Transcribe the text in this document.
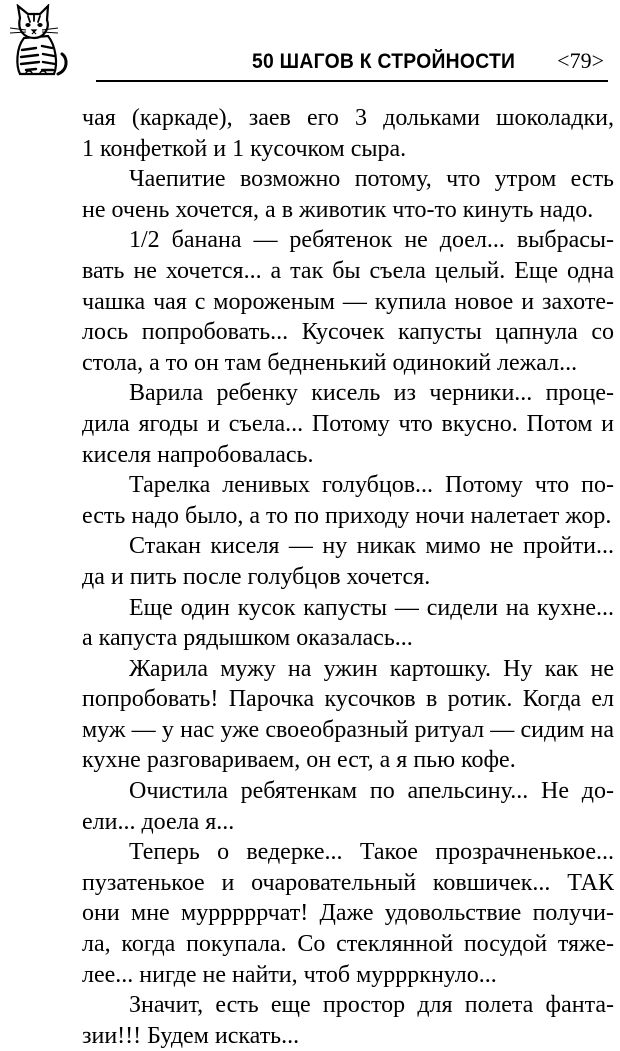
50 ШАГОВ К СТРОЙНОСТИ <79>
чая (каркаде), заев его 3 дольками шоколадки,
1 конфеткой и 1 кусочком сыра.
Чаепитие возможно потому, что утром есть
не очень хочется, а в животик что-то кинуть надо.
1/2 банана — ребятенок не доел... выбрасы-
вать не хочется... а так бы съела целый. Еще одна
чашка чая с мороженым — купила новое и захоте-
лось попробовать... Кусочек капусты цапнула со
стола, а то он там бедненький одинокий лежал...
Варила ребенку кисель из черники... проце-
дила ягоды и съела... Потому что вкусно. Потом и
киселя напробовалась.
Тарелка ленивых голубцов... Потому что по-
есть надо было, а то по приходу ночи налетает жор.
Стакан киселя — ну никак мимо не пройти...
да и пить после голубцов хочется.
Еще один кусок капусты — сидели на кухне...
а капуста рядышком оказалась...
Жарила мужу на ужин картошку. Ну как не
попробовать! Парочка кусочков в ротик. Когда ел
муж — у нас уже своеобразный ритуал — сидим на
кухне разговариваем, он ест, а я пью кофе.
Очистила ребятенкам по апельсину... Не до-
ели... доела я...
Теперь о ведерке... Такое прозрачненькое...
пузатенькое и очаровательный ковшичек... ТАК
они мне мурррррчат! Даже удовольствие получи-
ла, когда покупала. Со стеклянной посудой тяже-
лее... нигде не найти, чтоб муррркнуло...
Значит, есть еще простор для полета фанта-
зии!!! Будем искать...
